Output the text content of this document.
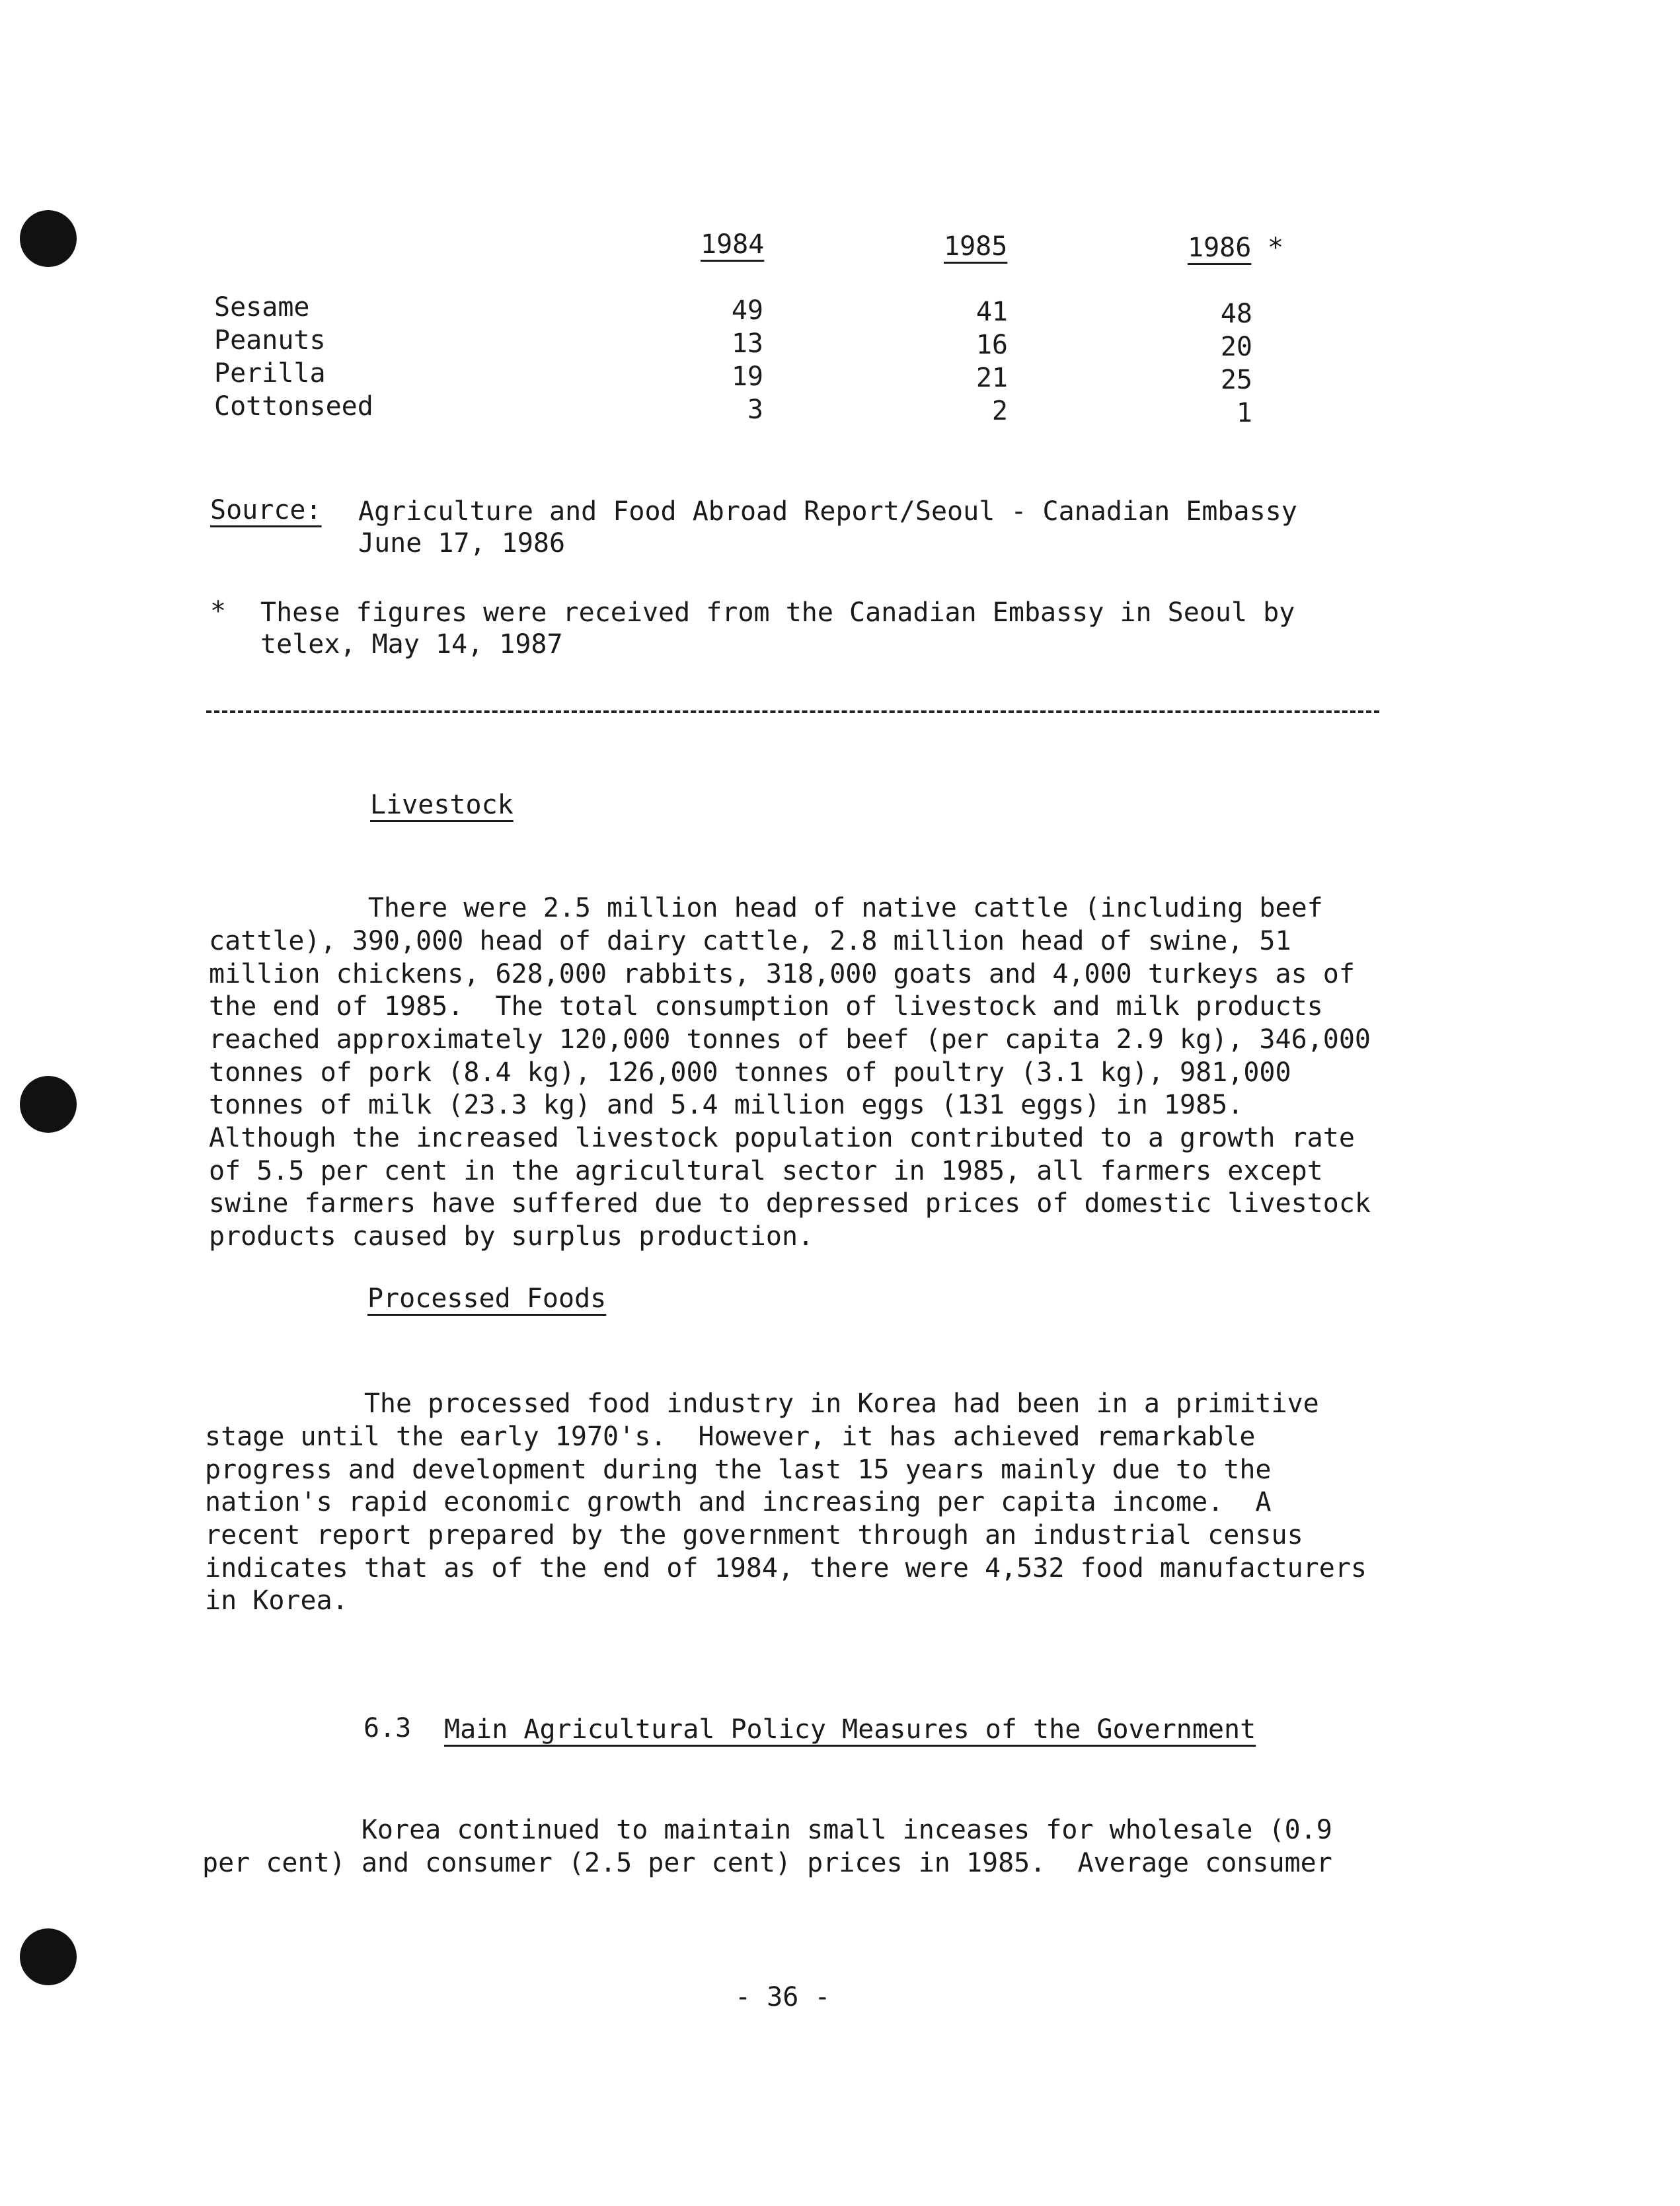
1984	1985	1986 *
Sesame	49	41	48
Peanuts	13	16	20
Perilla	19	21	25
Cottonseed	3	2	1
Source: Agriculture and Food Abroad Report/Seoul - Canadian Embassy
June 17, 1986
* These figures were received from the Canadian Embassy in Seoul by
telex, May 14, 1987
Livestock
There were 2.5 million head of native cattle (including beef
cattle), 390,000 head of dairy cattle, 2.8 million head of swine, 51
million chickens, 628,000 rabbits, 318,000 goats and 4,000 turkeys as of
the end of 1985.  The total consumption of livestock and milk products
reached approximately 120,000 tonnes of beef (per capita 2.9 kg), 346,000
tonnes of pork (8.4 kg), 126,000 tonnes of poultry (3.1 kg), 981,000
tonnes of milk (23.3 kg) and 5.4 million eggs (131 eggs) in 1985.
Although the increased livestock population contributed to a growth rate
of 5.5 per cent in the agricultural sector in 1985, all farmers except
swine farmers have suffered due to depressed prices of domestic livestock
products caused by surplus production.
Processed Foods
The processed food industry in Korea had been in a primitive
stage until the early 1970's.  However, it has achieved remarkable
progress and development during the last 15 years mainly due to the
nation's rapid economic growth and increasing per capita income.  A
recent report prepared by the government through an industrial census
indicates that as of the end of 1984, there were 4,532 food manufacturers
in Korea.
6.3 Main Agricultural Policy Measures of the Government
Korea continued to maintain small inceases for wholesale (0.9
per cent) and consumer (2.5 per cent) prices in 1985.  Average consumer
- 36 -
